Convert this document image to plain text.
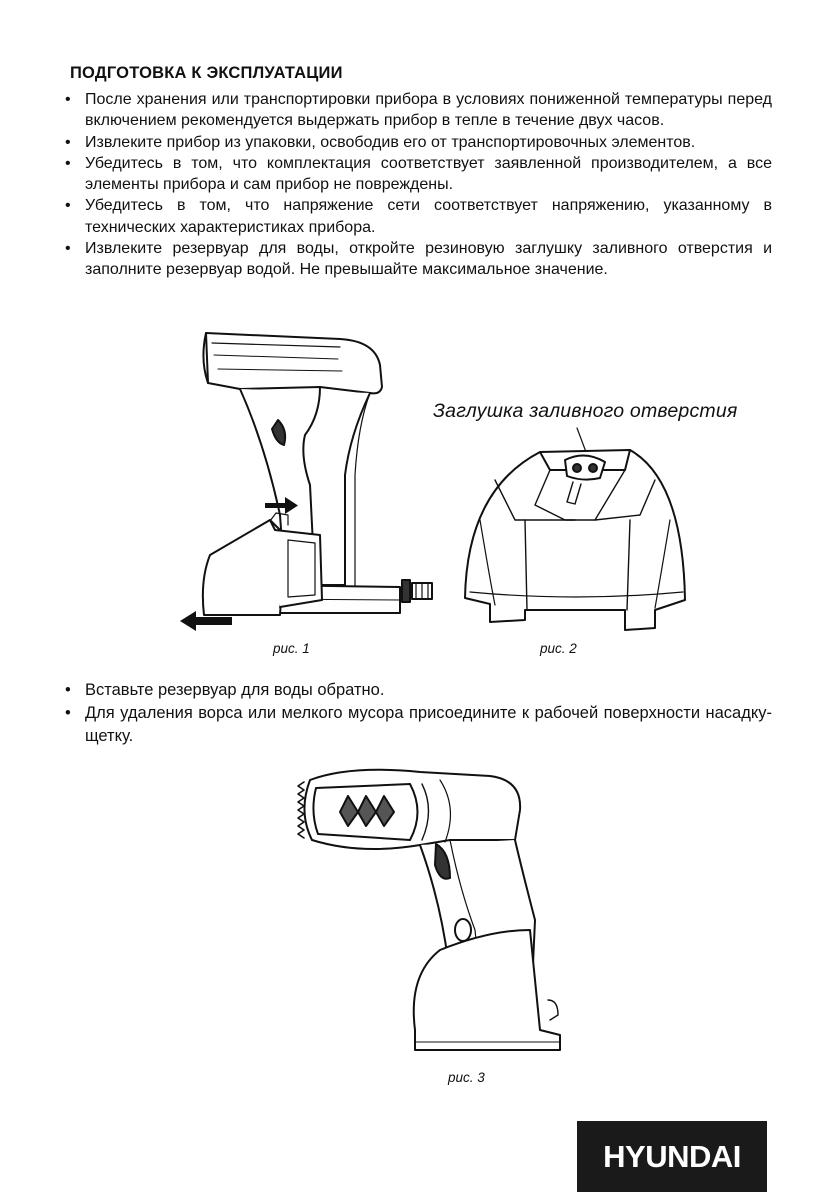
ПОДГОТОВКА К ЭКСПЛУАТАЦИИ
• После хранения или транспортировки прибора в условиях пониженной температуры перед включением рекомендуется выдержать прибор в тепле в течение двух часов.
• Извлеките прибор из упаковки, освободив его от транспортировочных элементов.
• Убедитесь в том, что комплектация соответствует заявленной производителем, а все элементы прибора и сам прибор не повреждены.
• Убедитесь в том, что напряжение сети соответствует напряжению, указанному в технических характеристиках прибора.
• Извлеките резервуар для воды, откройте резиновую заглушку заливного отверстия и заполните резервуар водой. Не превышайте максимальное значение.
рис. 1
Заглушка заливного отверстия
рис. 2
• Вставьте резервуар для воды обратно.
• Для удаления ворса или мелкого мусора присоедините к рабочей поверхности насадку-щетку.
рис. 3
HYUNDAI
